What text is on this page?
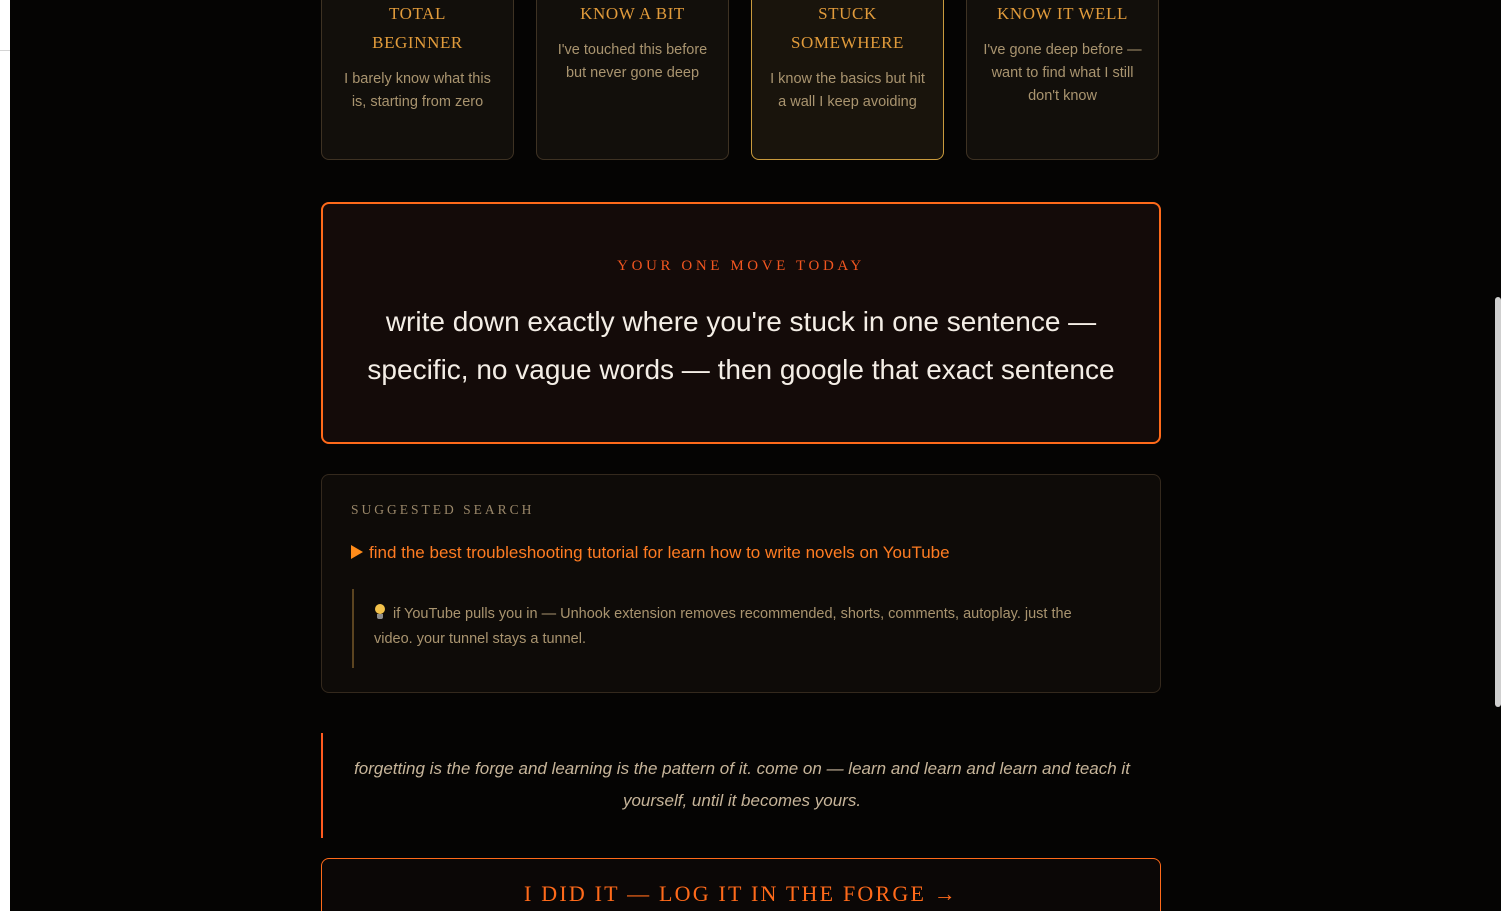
TOTAL BEGINNER
I barely know what this is, starting from zero
KNOW A BIT
I've touched this before but never gone deep
STUCK SOMEWHERE
I know the basics but hit a wall I keep avoiding
KNOW IT WELL
I've gone deep before — want to find what I still don't know
YOUR ONE MOVE TODAY
write down exactly where you're stuck in one sentence — specific, no vague words — then google that exact sentence
SUGGESTED SEARCH
find the best troubleshooting tutorial for learn how to write novels on YouTube
if YouTube pulls you in — Unhook extension removes recommended, shorts, comments, autoplay. just the video. your tunnel stays a tunnel.
forgetting is the forge and learning is the pattern of it. come on — learn and learn and learn and teach it yourself, until it becomes yours.
I DID IT — LOG IT IN THE FORGE →
